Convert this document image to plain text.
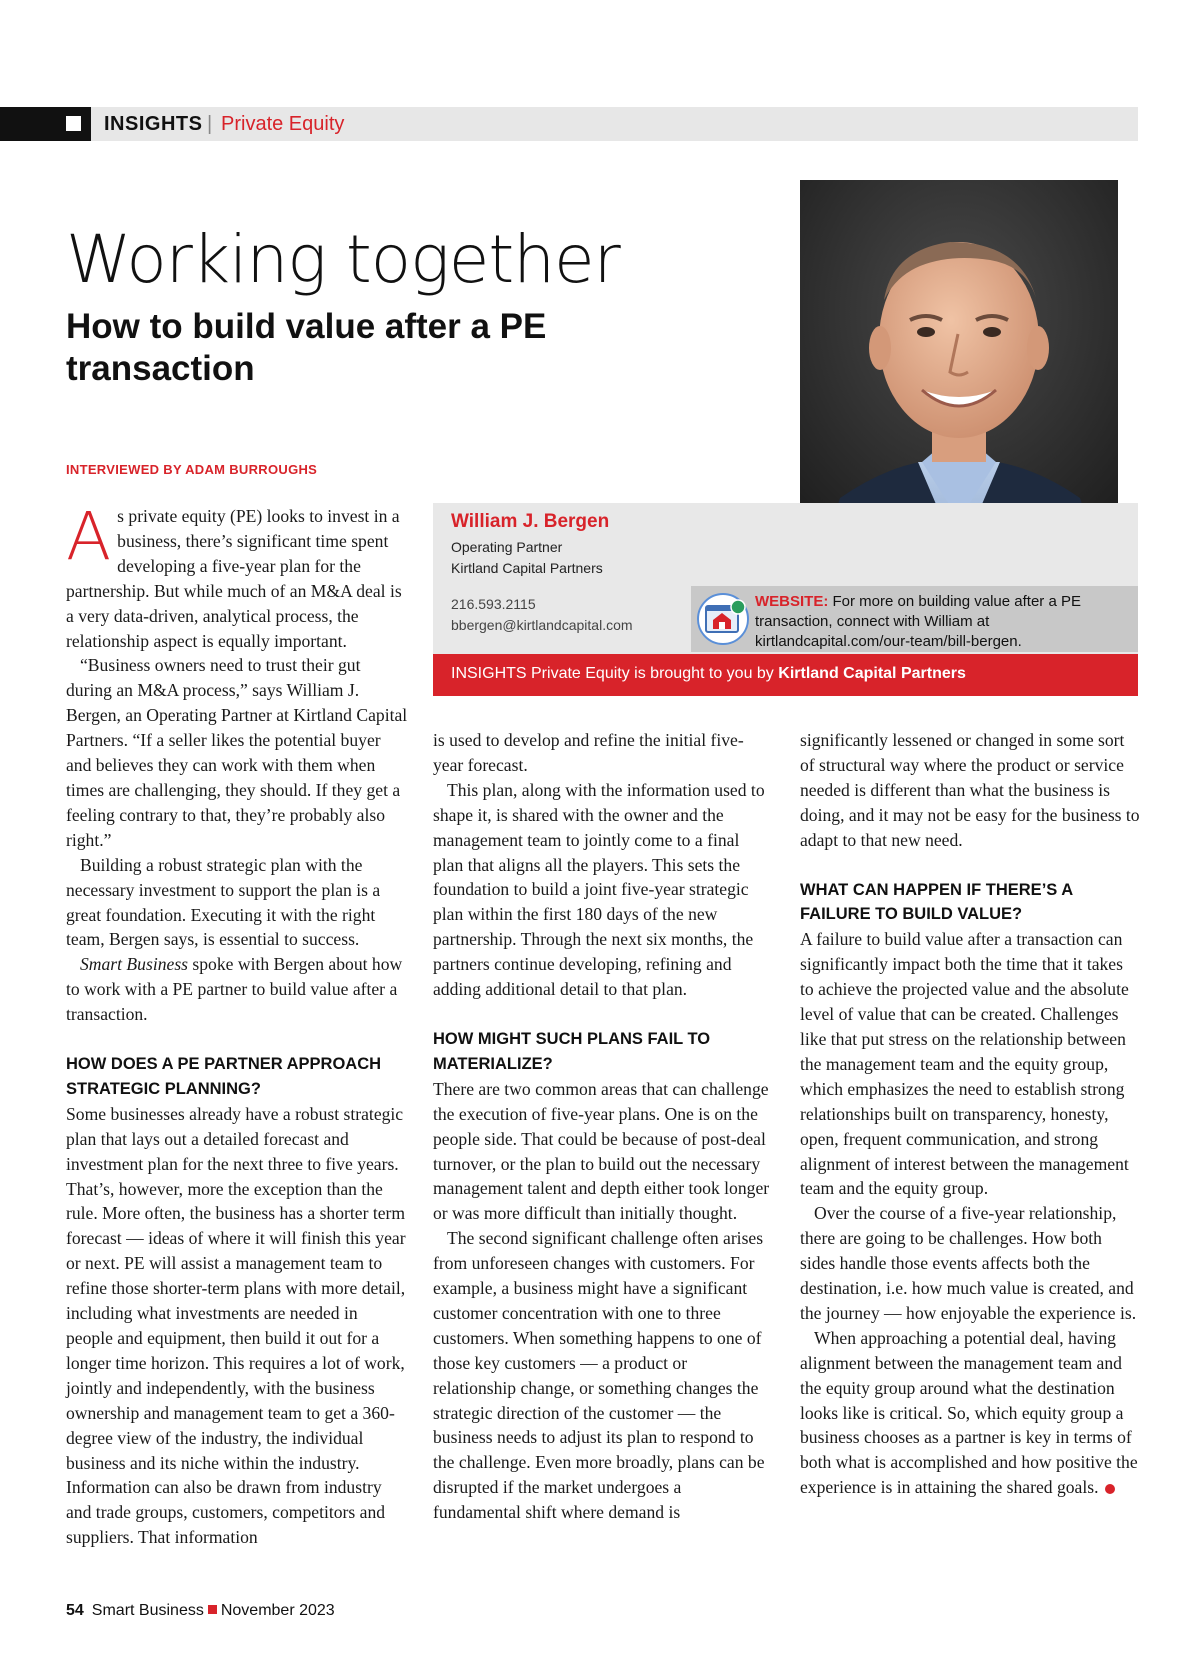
INSIGHTS | Private Equity
Working together
How to build value after a PE transaction
INTERVIEWED BY ADAM BURROUGHS
William J. Bergen
Operating Partner
Kirtland Capital Partners
216.593.2115
bbergen@kirtlandcapital.com
WEBSITE: For more on building value after a PE transaction, connect with William at kirtlandcapital.com/our-team/bill-bergen.
INSIGHTS Private Equity is brought to you by Kirtland Capital Partners

As private equity (PE) looks to invest in a business, there’s significant time spent developing a five-year plan for the partnership. But while much of an M&A deal is a very data-driven, analytical process, the relationship aspect is equally important.

“Business owners need to trust their gut during an M&A process,” says William J. Bergen, an Operating Partner at Kirtland Capital Partners. “If a seller likes the potential buyer and believes they can work with them when times are challenging, they should. If they get a feeling contrary to that, they’re probably also right.”

Building a robust strategic plan with the necessary investment to support the plan is a great foundation. Executing it with the right team, Bergen says, is essential to success.

Smart Business spoke with Bergen about how to work with a PE partner to build value after a transaction.

HOW DOES A PE PARTNER APPROACH STRATEGIC PLANNING?

Some businesses already have a robust strategic plan that lays out a detailed forecast and investment plan for the next three to five years. That’s, however, more the exception than the rule. More often, the business has a shorter term forecast — ideas of where it will finish this year or next. PE will assist a management team to refine those shorter-term plans with more detail, including what investments are needed in people and equipment, then build it out for a longer time horizon. This requires a lot of work, jointly and independently, with the business ownership and management team to get a 360-degree view of the industry, the individual business and its niche within the industry. Information can also be drawn from industry and trade groups, customers, competitors and suppliers. That information

is used to develop and refine the initial five-year forecast.

This plan, along with the information used to shape it, is shared with the owner and the management team to jointly come to a final plan that aligns all the players. This sets the foundation to build a joint five-year strategic plan within the first 180 days of the new partnership. Through the next six months, the partners continue developing, refining and adding additional detail to that plan.

HOW MIGHT SUCH PLANS FAIL TO MATERIALIZE?

There are two common areas that can challenge the execution of five-year plans. One is on the people side. That could be because of post-deal turnover, or the plan to build out the necessary management talent and depth either took longer or was more difficult than initially thought.

The second significant challenge often arises from unforeseen changes with customers. For example, a business might have a significant customer concentration with one to three customers. When something happens to one of those key customers — a product or relationship change, or something changes the strategic direction of the customer — the business needs to adjust its plan to respond to the challenge. Even more broadly, plans can be disrupted if the market undergoes a fundamental shift where demand is

significantly lessened or changed in some sort of structural way where the product or service needed is different than what the business is doing, and it may not be easy for the business to adapt to that new need.

WHAT CAN HAPPEN IF THERE’S A FAILURE TO BUILD VALUE?

A failure to build value after a transaction can significantly impact both the time that it takes to achieve the projected value and the absolute level of value that can be created. Challenges like that put stress on the relationship between the management team and the equity group, which emphasizes the need to establish strong relationships built on transparency, honesty, open, frequent communication, and strong alignment of interest between the management team and the equity group.

Over the course of a five-year relationship, there are going to be challenges. How both sides handle those events affects both the destination, i.e. how much value is created, and the journey — how enjoyable the experience is.

When approaching a potential deal, having alignment between the management team and the equity group around what the destination looks like is critical. So, which equity group a business chooses as a partner is key in terms of both what is accomplished and how positive the experience is in attaining the shared goals.

54 Smart Business November 2023
